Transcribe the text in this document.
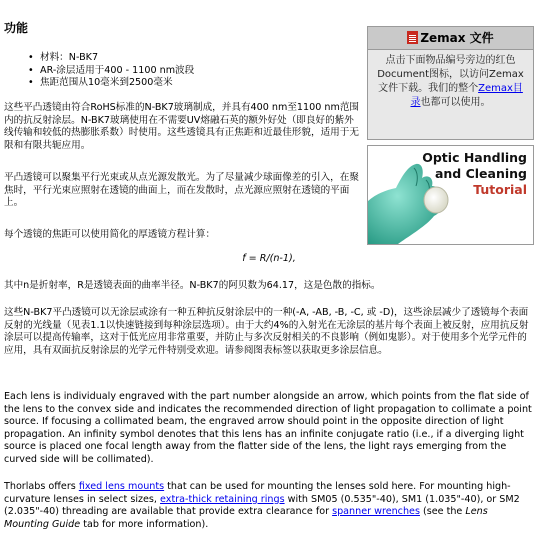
功能
• 材料：N-BK7
• AR-涂层适用于400 - 1100 nm波段
• 焦距范围从10毫米到2500毫米
这些平凸透镜由符合RoHS标准的N-BK7玻璃制成，并具有400 nm至1100 nm范围内的抗反射涂层。N-BK7玻璃使用在不需要UV熔融石英的额外好处（即良好的紫外线传输和较低的热膨胀系数）时使用。这些透镜具有正焦距和近最佳形貌，适用于无限和有限共轭应用。
平凸透镜可以聚集平行光束或从点光源发散光。为了尽量减少球面像差的引入，在聚焦时，平行光束应照射在透镜的曲面上，而在发散时，点光源应照射在透镜的平面上。
每个透镜的焦距可以使用简化的厚透镜方程计算：
f = R/(n-1),
其中n是折射率，R是透镜表面的曲率半径。N-BK7的阿贝数为64.17，这是色散的指标。
这些N-BK7平凸透镜可以无涂层或涂有一种五种抗反射涂层中的一种(-A, -AB, -B, -C, 或 -D)，这些涂层减少了透镜每个表面反射的光线量（见表1.1以快速链接到每种涂层选项）。由于大约4%的入射光在无涂层的基片每个表面上被反射，应用抗反射涂层可以提高传输率，这对于低光应用非常重要，并防止与多次反射相关的不良影响（例如鬼影）。对于使用多个光学元件的应用，具有双面抗反射涂层的光学元件特别受欢迎。请参阅图表标签以获取更多涂层信息。
Each lens is individualy engraved with the part number alongside an arrow, which points from the flat side of the lens to the convex side and indicates the recommended direction of light propagation to collimate a point source. If focusing a collimated beam, the engraved arrow should point in the opposite direction of light propagation. An infinity symbol denotes that this lens has an infinite conjugate ratio (i.e., if a diverging light source is placed one focal length away from the flatter side of the lens, the light rays emerging from the curved side will be collimated).
Thorlabs offers fixed lens mounts that can be used for mounting the lenses sold here. For mounting high-curvature lenses in select sizes, extra-thick retaining rings with SM05 (0.535"-40), SM1 (1.035"-40), or SM2 (2.035"-40) threading are available that provide extra clearance for spanner wrenches (see the Lens Mounting Guide tab for more information).
Zemax 文件
点击下面物品编号旁边的红色Document图标，以访问Zemax文件下载。我们的整个Zemax目录也都可以使用。
Optic Handling
and Cleaning
Tutorial
